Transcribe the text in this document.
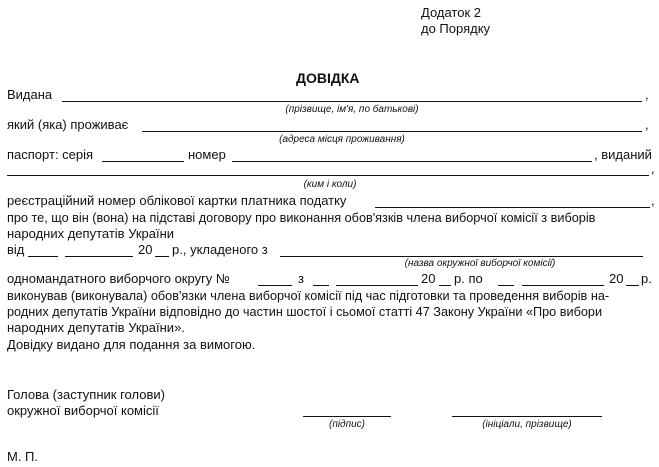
Додаток 2
до Порядку
ДОВІДКА
Видана	,
(прізвище, ім'я, по батькові)
який (яка) проживає	,
(адреса місця проживання)
паспорт: серія	номер	, виданий
,
(ким і коли)
реєстраційний номер облікової картки платника податку	,
про те, що він (вона) на підставі договору про виконання обов'язків члена виборчої комісії з виборів
народних депутатів України
від	20 р., укладеного з
(назва окружної виборчої комісії)
одномандатного виборчого округу №	з	20 р. по	20 р.
виконував (виконувала) обов'язки члена виборчої комісії під час підготовки та проведення виборів на-
родних депутатів України відповідно до частин шостої і сьомої статті 47 Закону України «Про вибори
народних депутатів України».
Довідку видано для подання за вимогою.
Голова (заступник голови)
окружної виборчої комісії
(підпис)	(ініціали, прізвище)
М. П.
